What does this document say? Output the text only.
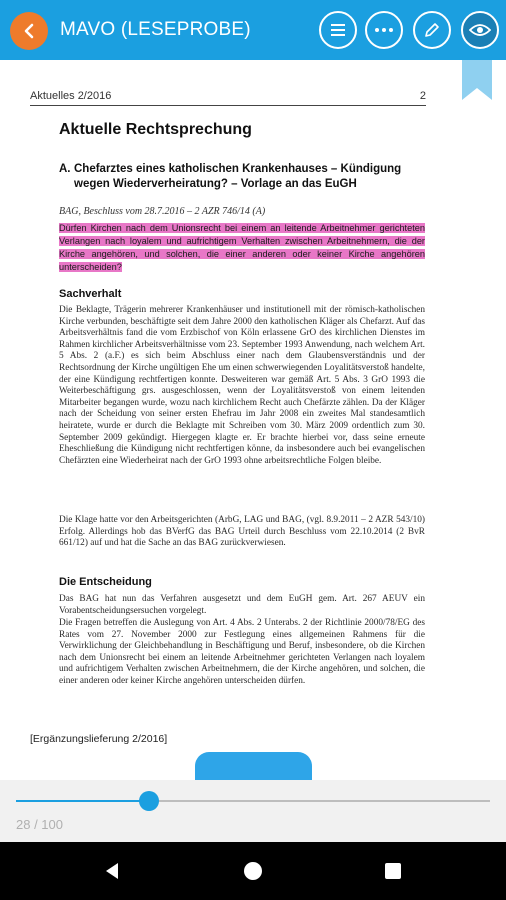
MAVO (LESEPROBE)
Aktuelles 2/2016	2
Aktuelle Rechtsprechung
A. Chefarztes eines katholischen Krankenhauses – Kündigung wegen Wiederverheiratung? – Vorlage an das EuGH
BAG, Beschluss vom 28.7.2016 – 2 AZR 746/14 (A)
Dürfen Kirchen nach dem Unionsrecht bei einem an leitende Arbeitnehmer gerichteten Verlangen nach loyalem und aufrichtigem Verhalten zwischen Arbeitnehmern, die der Kirche angehören, und solchen, die einer anderen oder keiner Kirche angehören unterscheiden?
Sachverhalt
Die Beklagte, Trägerin mehrerer Krankenhäuser und institutionell mit der römisch-katholischen Kirche verbunden, beschäftigte seit dem Jahre 2000 den katholischen Kläger als Chefarzt. Auf das Arbeitsverhältnis fand die vom Erzbischof von Köln erlassene GrO des kirchlichen Dienstes im Rahmen kirchlicher Arbeitsverhältnisse vom 23. September 1993 Anwendung, nach welchem Art. 5 Abs. 2 (a.F.) es sich beim Abschluss einer nach dem Glaubensverständnis und der Rechtsordnung der Kirche ungültigen Ehe um einen schwerwiegenden Loyalitätsverstoß handelte, der eine Kündigung rechtfertigen konnte. Desweiteren war gemäß Art. 5 Abs. 3 GrO 1993 die Weiterbeschäftigung grs. ausgeschlossen, wenn der Loyalitätsverstoß von einem leitenden Mitarbeiter begangen wurde, wozu nach kirchlichem Recht auch Chefärzte zählen. Da der Kläger nach der Scheidung von seiner ersten Ehefrau im Jahr 2008 ein zweites Mal standesamtlich heiratete, wurde er durch die Beklagte mit Schreiben vom 30. März 2009 ordentlich zum 30. September 2009 gekündigt. Hiergegen klagte er. Er brachte hierbei vor, dass seine erneute Eheschließung die Kündigung nicht rechtfertigen könne, da insbesondere auch bei evangelischen Chefärzten eine Wiederheirat nach der GrO 1993 ohne arbeitsrechtliche Folgen bleibe.
Die Klage hatte vor den Arbeitsgerichten (ArbG, LAG und BAG, (vgl. 8.9.2011 – 2 AZR 543/10) Erfolg. Allerdings hob das BVerfG das BAG Urteil durch Beschluss vom 22.10.2014 (2 BvR 661/12) auf und hat die Sache an das BAG zurückverwiesen.
Die Entscheidung
Das BAG hat nun das Verfahren ausgesetzt und dem EuGH gem. Art. 267 AEUV ein Vorabentscheidungsersuchen vorgelegt.
Die Fragen betreffen die Auslegung von Art. 4 Abs. 2 Unterabs. 2 der Richtlinie 2000/78/EG des Rates vom 27. November 2000 zur Festlegung eines allgemeinen Rahmens für die Verwirklichung der Gleichbehandlung in Beschäftigung und Beruf, insbesondere, ob die Kirchen nach dem Unionsrecht bei einem an leitende Arbeitnehmer gerichteten Verlangen nach loyalem und aufrichtigem Verhalten zwischen Arbeitnehmern, die der Kirche angehören, und solchen, die einer anderen oder keiner Kirche angehören unterscheiden dürfen.
[Ergänzungslieferung 2/2016]
28 / 100
